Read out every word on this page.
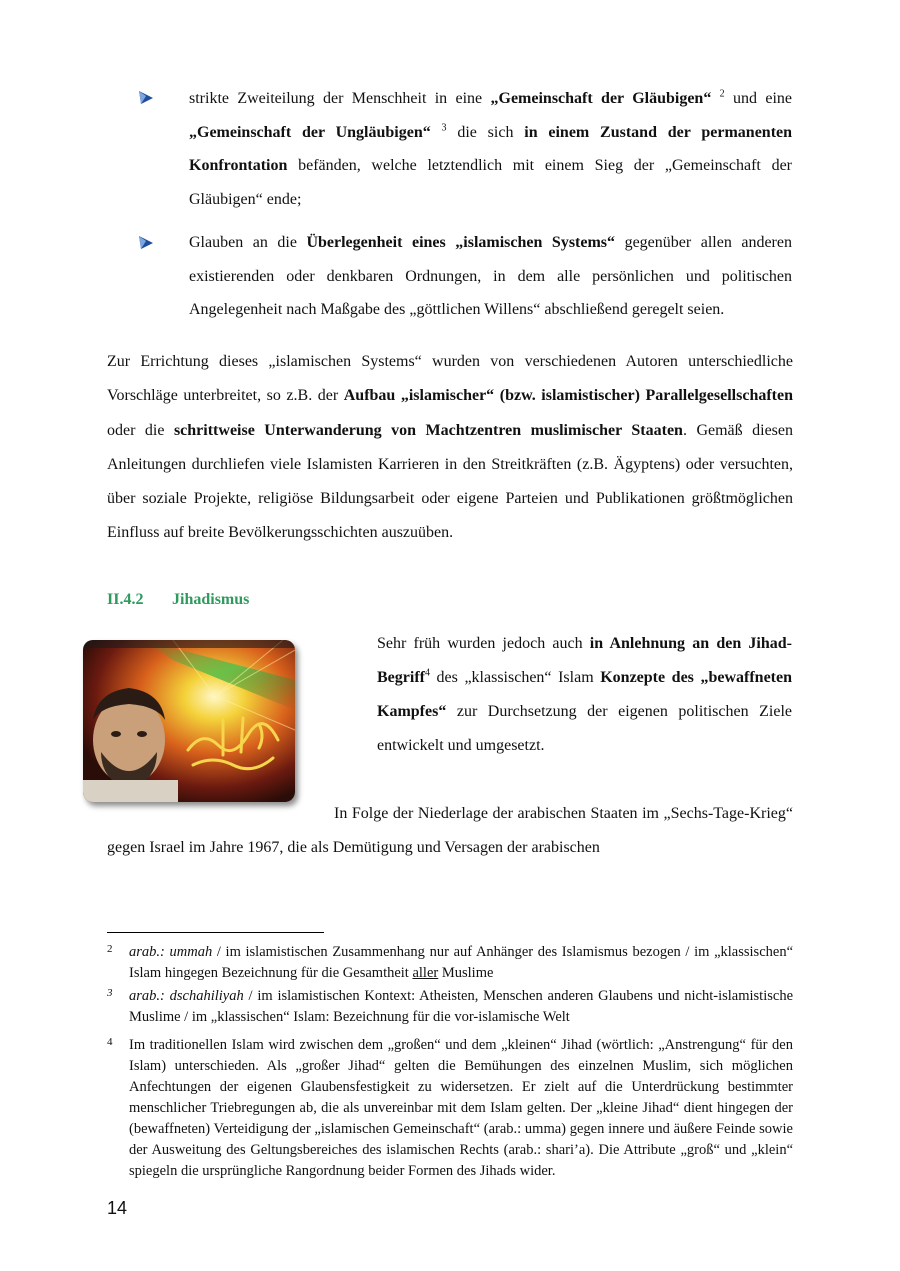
strikte Zweiteilung der Menschheit in eine „Gemeinschaft der Gläubigen“ $^2$ und eine „Gemeinschaft der Ungläubigen“ $^3$ die sich in einem Zustand der permanenten Konfrontation befänden, welche letztendlich mit einem Sieg der „Gemeinschaft der Gläubigen“ ende;
Glauben an die Überlegenheit eines „islamischen Systems“ gegenüber allen anderen existierenden oder denkbaren Ordnungen, in dem alle persönlichen und politischen Angelegenheit nach Maßgabe des „göttlichen Willens“ abschließend geregelt seien.
Zur Errichtung dieses „islamischen Systems“ wurden von verschiedenen Autoren unterschiedliche Vorschläge unterbreitet, so z.B. der Aufbau „islamischer“ (bzw. islamistischer) Parallelgesellschaften oder die schrittweise Unterwanderung von Machtzentren muslimischer Staaten. Gemäß diesen Anleitungen durchliefen viele Islamisten Karrieren in den Streitkräften (z.B. Ägyptens) oder versuchten, über soziale Projekte, religiöse Bildungsarbeit oder eigene Parteien und Publikationen größtmöglichen Einfluss auf breite Bevölkerungsschichten auszuüben.
II.4.2 Jihadismus
Sehr früh wurden jedoch auch in Anlehnung an den Jihad-Begriff$^4$ des „klassischen“ Islam Konzepte des „bewaffneten Kampfes“ zur Durchsetzung der eigenen politischen Ziele entwickelt und umgesetzt.
In Folge der Niederlage der arabischen Staaten im „Sechs-Tage-Krieg“ gegen Israel im Jahre 1967, die als Demütigung und Versagen der arabischen
2 arab.: ummah / im islamistischen Zusammenhang nur auf Anhänger des Islamismus bezogen / im „klassischen“ Islam hingegen Bezeichnung für die Gesamtheit aller Muslime
3 arab.: dschahiliyah / im islamistischen Kontext: Atheisten, Menschen anderen Glaubens und nicht-islamistische Muslime / im „klassischen“ Islam: Bezeichnung für die vor-islamische Welt
4 Im traditionellen Islam wird zwischen dem „großen“ und dem „kleinen“ Jihad (wörtlich: „Anstrengung“ für den Islam) unterschieden. Als „großer Jihad“ gelten die Bemühungen des einzelnen Muslim, sich möglichen Anfechtungen der eigenen Glaubensfestigkeit zu widersetzen. Er zielt auf die Unterdrückung bestimmter menschlicher Triebregungen ab, die als unvereinbar mit dem Islam gelten. Der „kleine Jihad“ dient hingegen der (bewaffneten) Verteidigung der „islamischen Gemeinschaft“ (arab.: umma) gegen innere und äußere Feinde sowie der Ausweitung des Geltungsbereiches des islamischen Rechts (arab.: shari’a). Die Attribute „groß“ und „klein“ spiegeln die ursprüngliche Rangordnung beider Formen des Jihads wider.
14
